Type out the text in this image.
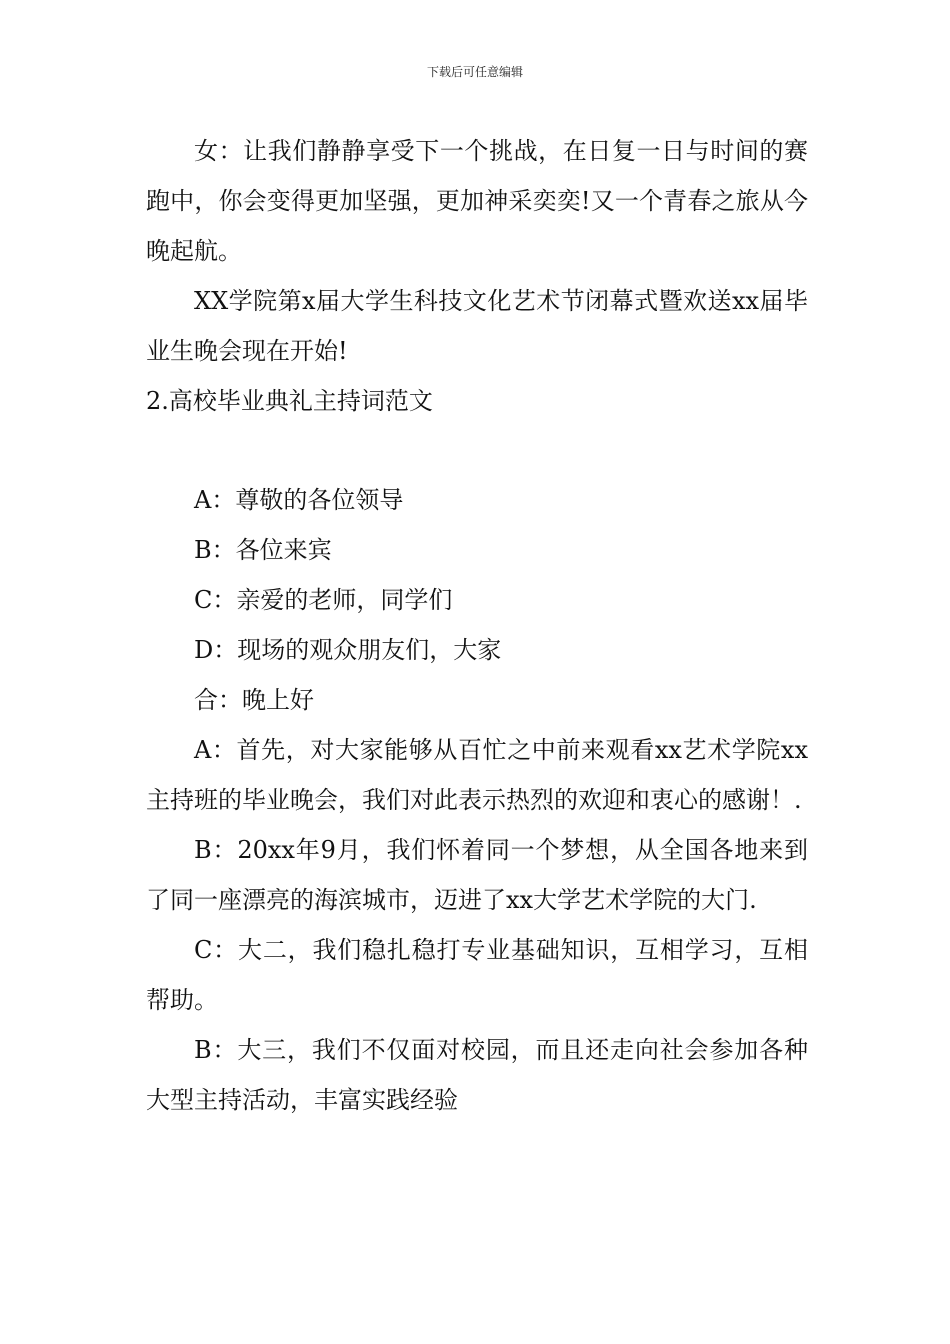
下载后可任意编辑

女：让我们静静享受下一个挑战，在日复一日与时间的赛跑中，你会变得更加坚强，更加神采奕奕!又一个青春之旅从今晚起航。

XX学院第x届大学生科技文化艺术节闭幕式暨欢送xx届毕业生晚会现在开始!

2.高校毕业典礼主持词范文

A：尊敬的各位领导

B：各位来宾

C：亲爱的老师，同学们

D：现场的观众朋友们，大家

合：晚上好

A：首先，对大家能够从百忙之中前来观看xx艺术学院xx主持班的毕业晚会，我们对此表示热烈的欢迎和衷心的感谢！.

B：20xx年9月，我们怀着同一个梦想，从全国各地来到了同一座漂亮的海滨城市，迈进了xx大学艺术学院的大门.

C：大二，我们稳扎稳打专业基础知识，互相学习，互相帮助。

B：大三，我们不仅面对校园，而且还走向社会参加各种大型主持活动，丰富实践经验
